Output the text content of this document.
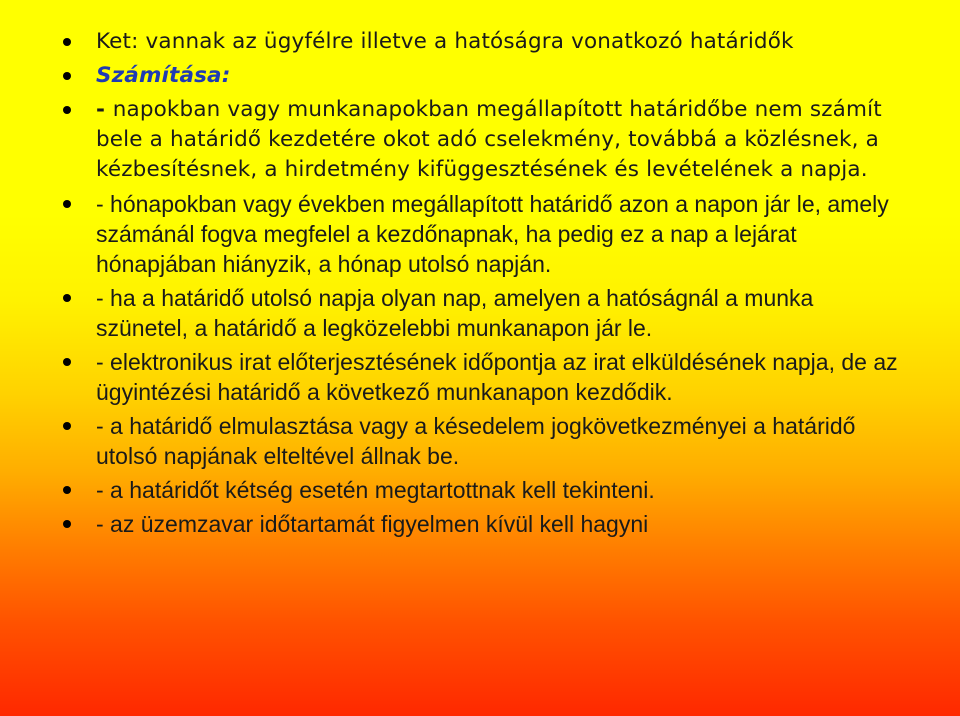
Ket: vannak az ügyfélre illetve a hatóságra vonatkozó határidők
Számítása:
- napokban vagy munkanapokban megállapított határidőbe nem számít bele a határidő kezdetére okot adó cselekmény, továbbá a közlésnek, a kézbesítésnek, a hirdetmény kifüggesztésének és levételének a napja.
- hónapokban vagy években megállapított határidő azon a napon jár le, amely számánál fogva megfelel a kezdőnapnak, ha pedig ez a nap a lejárat hónapjában hiányzik, a hónap utolsó napján.
- ha a határidő utolsó napja olyan nap, amelyen a hatóságnál a munka szünetel, a határidő a legközelebbi munkanapon jár le.
- elektronikus irat előterjesztésének időpontja az irat elküldésének napja, de az ügyintézési határidő a következő munkanapon kezdődik.
- a határidő elmulasztása vagy a késedelem jogkövetkezményei a határidő utolsó napjának elteltével állnak be.
- a határidőt kétség esetén megtartottnak kell tekinteni.
- az üzemzavar időtartamát figyelmen kívül kell hagyni
